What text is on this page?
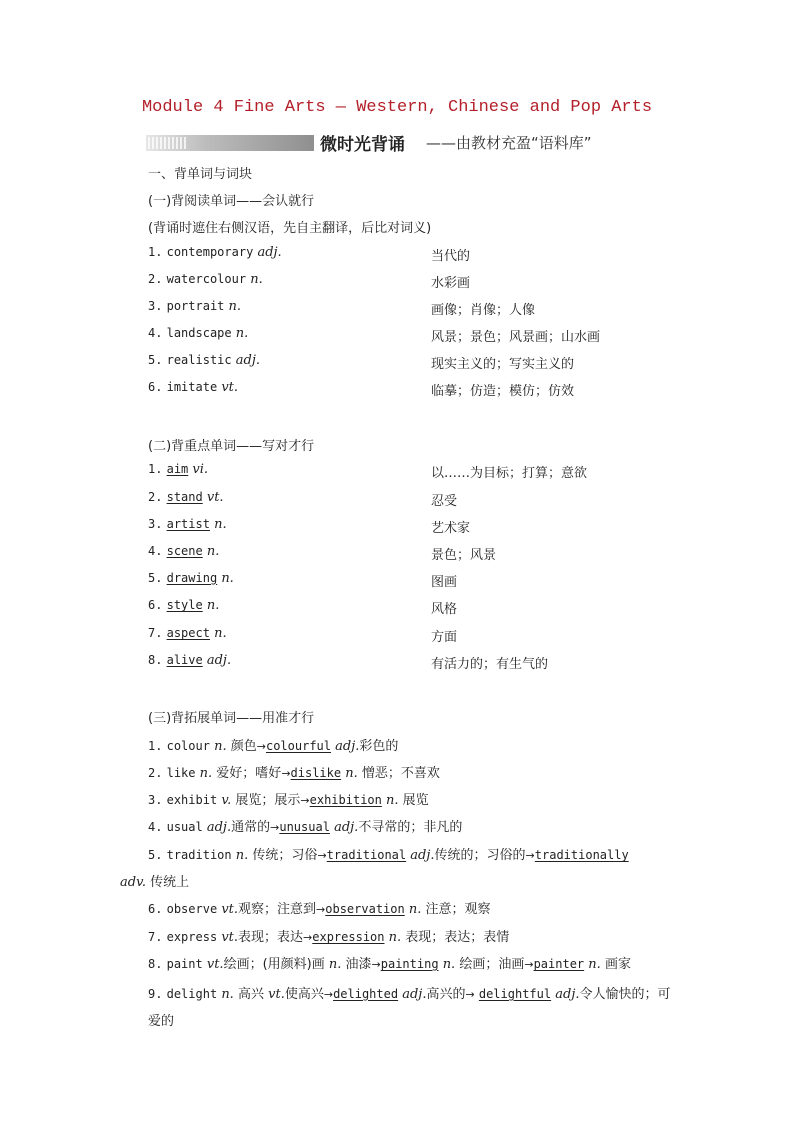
Module 4 Fine Arts — Western, Chinese and Pop Arts
微时光背诵 ——由教材充盈“语料库”
一、背单词与词块
(一)背阅读单词——会认就行
(背诵时遮住右侧汉语，先自主翻译，后比对词义)
1. contemporary adj.	当代的
2. watercolour n.	水彩画
3. portrait n.	画像；肖像；人像
4. landscape n.	风景；景色；风景画；山水画
5. realistic adj.	现实主义的；写实主义的
6. imitate vt.	临摹；仿造；模仿；仿效
(二)背重点单词——写对才行
1. aim vi.	以……为目标；打算；意欲
2. stand vt.	忍受
3. artist n.	艺术家
4. scene n.	景色；风景
5. drawing n.	图画
6. style n.	风格
7. aspect n.	方面
8. alive adj.	有活力的；有生气的
(三)背拓展单词——用准才行
1. colour n. 颜色→colourful adj.彩色的
2. like n. 爱好；嗜好→dislike n. 憎恶；不喜欢
3. exhibit v. 展览；展示→exhibition n. 展览
4. usual adj.通常的→unusual adj.不寻常的；非凡的
5. tradition n. 传统；习俗→traditional adj.传统的；习俗的→traditionally
adv. 传统上
6. observe vt.观察；注意到→observation n. 注意；观察
7. express vt.表现；表达→expression n. 表现；表达；表情
8. paint vt.绘画；(用颜料)画 n. 油漆→painting n. 绘画；油画→painter n. 画家
9. delight n. 高兴 vt.使高兴→delighted adj.高兴的→ delightful adj.令人愉快的；可爱的
